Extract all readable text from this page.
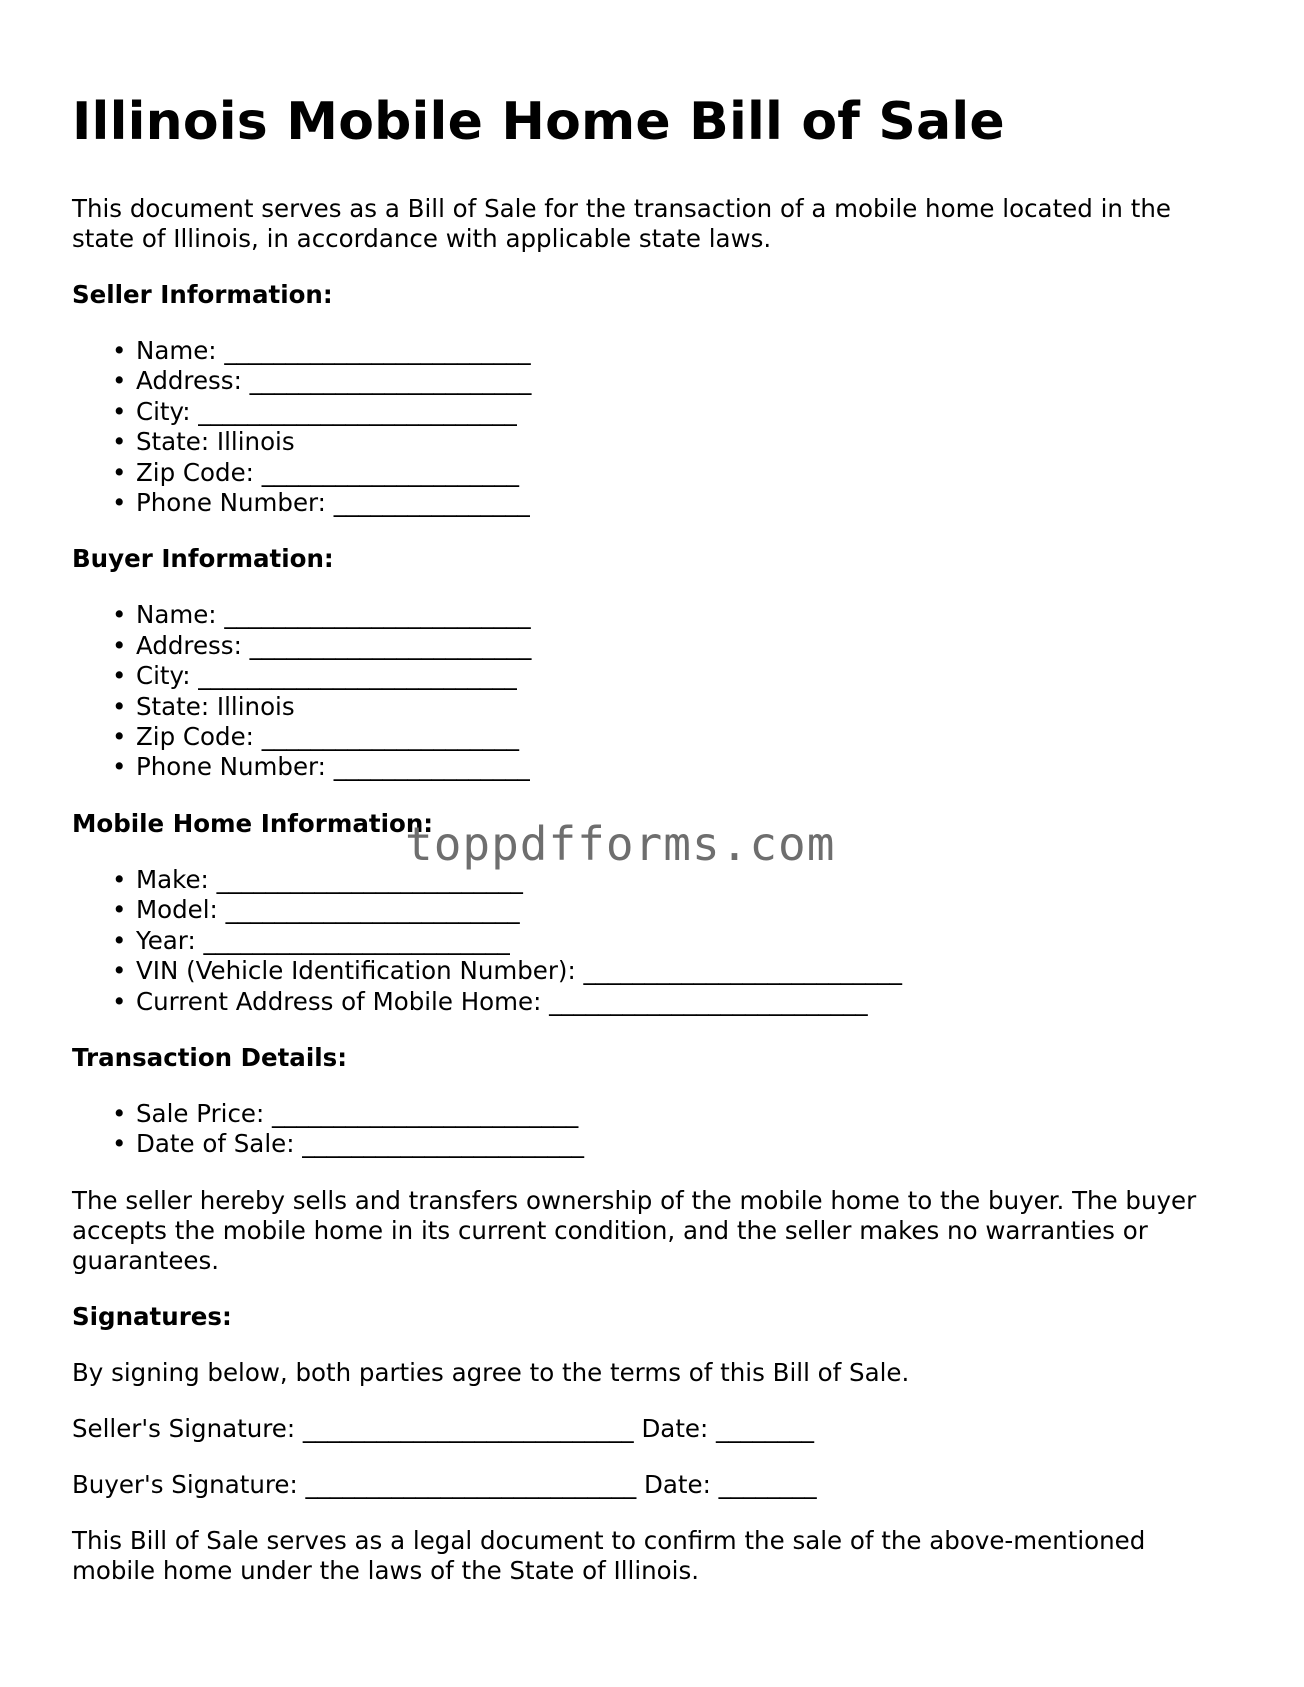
Illinois Mobile Home Bill of Sale

This document serves as a Bill of Sale for the transaction of a mobile home located in the state of Illinois, in accordance with applicable state laws.

Seller Information:
• Name: _________________________
• Address: _______________________
• City: __________________________
• State: Illinois
• Zip Code: _____________________
• Phone Number: ________________
Buyer Information:
• Name: _________________________
• Address: _______________________
• City: __________________________
• State: Illinois
• Zip Code: _____________________
• Phone Number: ________________
Mobile Home Information:
• Make: _________________________
• Model: ________________________
• Year: _________________________
• VIN (Vehicle Identification Number): __________________________
• Current Address of Mobile Home: __________________________
Transaction Details:
• Sale Price: _________________________
• Date of Sale: _______________________

The seller hereby sells and transfers ownership of the mobile home to the buyer. The buyer accepts the mobile home in its current condition, and the seller makes no warranties or guarantees.

Signatures:

By signing below, both parties agree to the terms of this Bill of Sale.

Seller's Signature: ___________________________ Date: ________

Buyer's Signature: ___________________________ Date: ________

This Bill of Sale serves as a legal document to confirm the sale of the above-mentioned mobile home under the laws of the State of Illinois.

toppdfforms.com
